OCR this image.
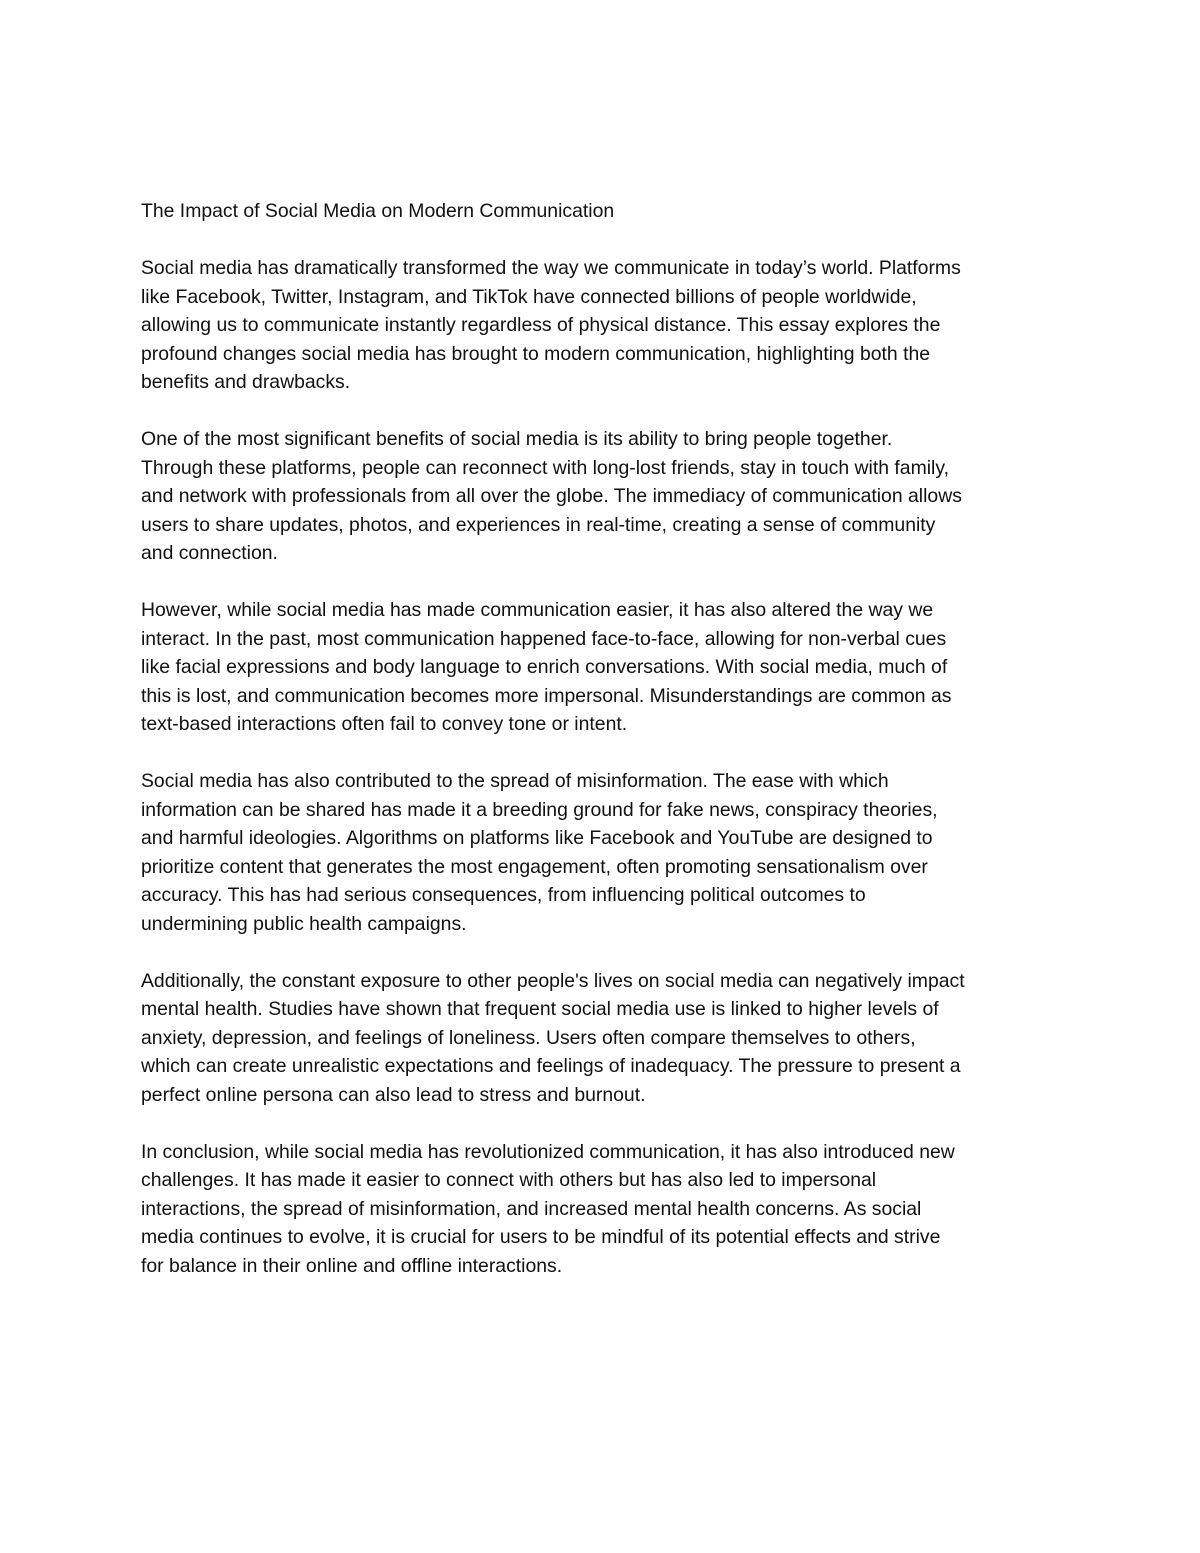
The Impact of Social Media on Modern Communication
Social media has dramatically transformed the way we communicate in today’s world. Platforms
like Facebook, Twitter, Instagram, and TikTok have connected billions of people worldwide,
allowing us to communicate instantly regardless of physical distance. This essay explores the
profound changes social media has brought to modern communication, highlighting both the
benefits and drawbacks.
One of the most significant benefits of social media is its ability to bring people together.
Through these platforms, people can reconnect with long-lost friends, stay in touch with family,
and network with professionals from all over the globe. The immediacy of communication allows
users to share updates, photos, and experiences in real-time, creating a sense of community
and connection.
However, while social media has made communication easier, it has also altered the way we
interact. In the past, most communication happened face-to-face, allowing for non-verbal cues
like facial expressions and body language to enrich conversations. With social media, much of
this is lost, and communication becomes more impersonal. Misunderstandings are common as
text-based interactions often fail to convey tone or intent.
Social media has also contributed to the spread of misinformation. The ease with which
information can be shared has made it a breeding ground for fake news, conspiracy theories,
and harmful ideologies. Algorithms on platforms like Facebook and YouTube are designed to
prioritize content that generates the most engagement, often promoting sensationalism over
accuracy. This has had serious consequences, from influencing political outcomes to
undermining public health campaigns.
Additionally, the constant exposure to other people's lives on social media can negatively impact
mental health. Studies have shown that frequent social media use is linked to higher levels of
anxiety, depression, and feelings of loneliness. Users often compare themselves to others,
which can create unrealistic expectations and feelings of inadequacy. The pressure to present a
perfect online persona can also lead to stress and burnout.
In conclusion, while social media has revolutionized communication, it has also introduced new
challenges. It has made it easier to connect with others but has also led to impersonal
interactions, the spread of misinformation, and increased mental health concerns. As social
media continues to evolve, it is crucial for users to be mindful of its potential effects and strive
for balance in their online and offline interactions.
